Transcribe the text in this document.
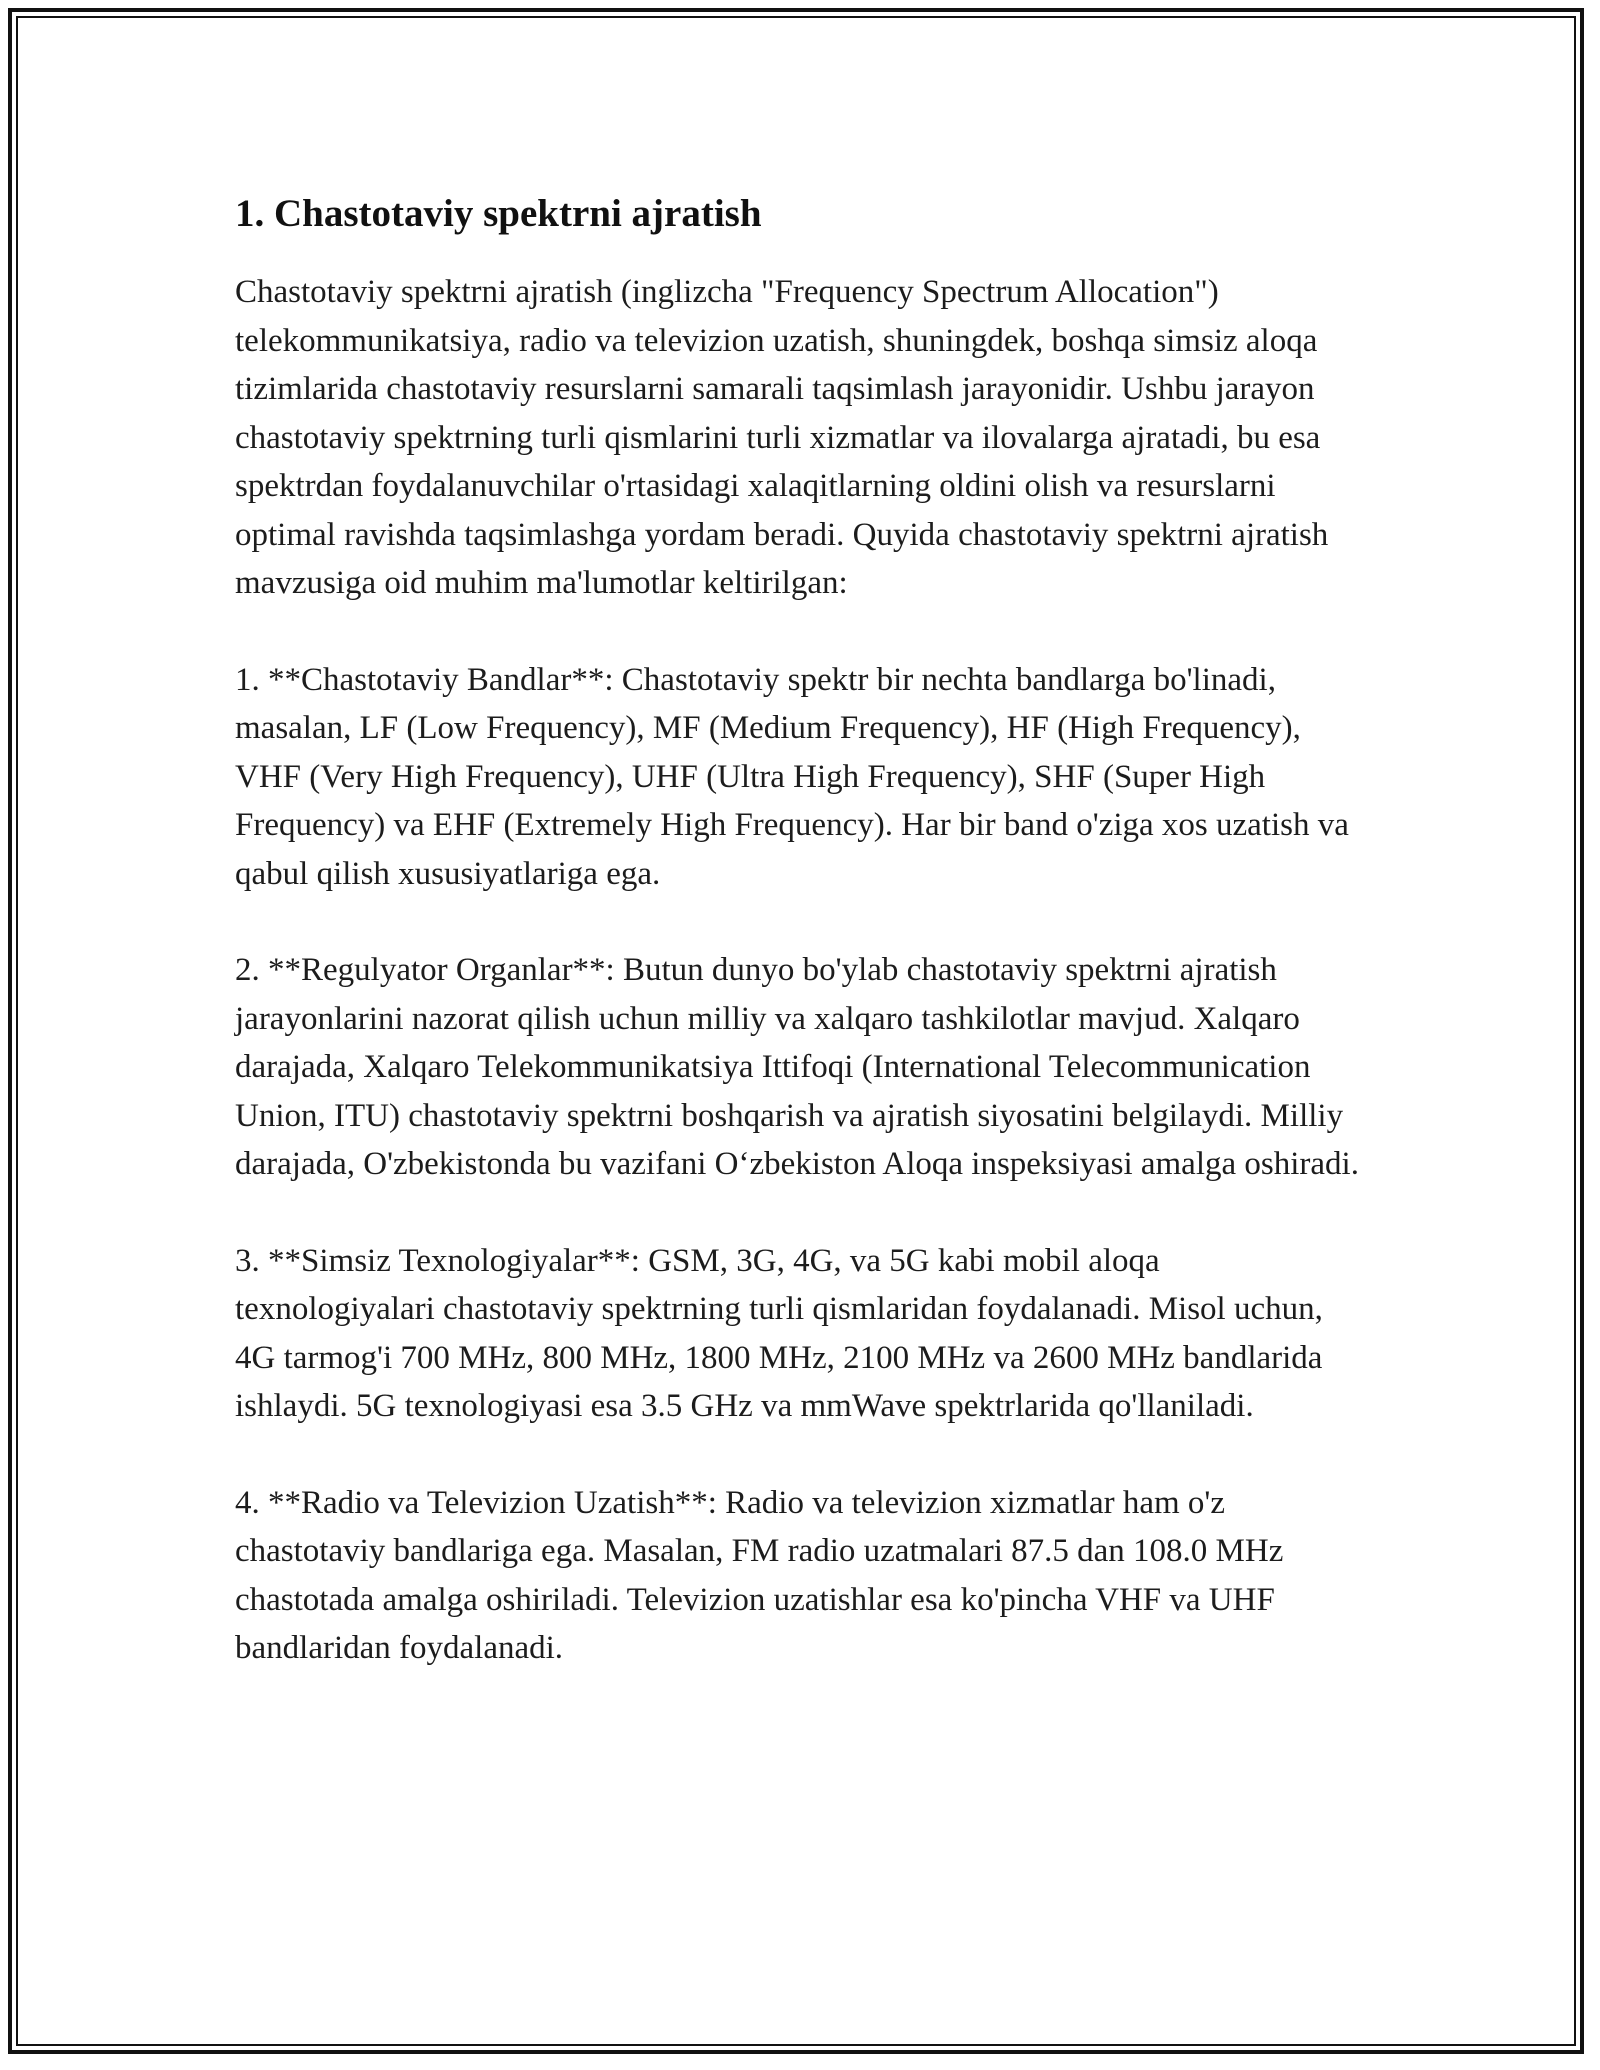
1. Chastotaviy spektrni ajratish

Chastotaviy spektrni ajratish (inglizcha "Frequency Spectrum Allocation") telekommunikatsiya, radio va televizion uzatish, shuningdek, boshqa simsiz aloqa tizimlarida chastotaviy resurslarni samarali taqsimlash jarayonidir. Ushbu jarayon chastotaviy spektrning turli qismlarini turli xizmatlar va ilovalarga ajratadi, bu esa spektrdan foydalanuvchilar o'rtasidagi xalaqitlarning oldini olish va resurslarni optimal ravishda taqsimlashga yordam beradi. Quyida chastotaviy spektrni ajratish mavzusiga oid muhim ma'lumotlar keltirilgan:

1. **Chastotaviy Bandlar**: Chastotaviy spektr bir nechta bandlarga bo'linadi, masalan, LF (Low Frequency), MF (Medium Frequency), HF (High Frequency), VHF (Very High Frequency), UHF (Ultra High Frequency), SHF (Super High Frequency) va EHF (Extremely High Frequency). Har bir band o'ziga xos uzatish va qabul qilish xususiyatlariga ega.

2. **Regulyator Organlar**: Butun dunyo bo'ylab chastotaviy spektrni ajratish jarayonlarini nazorat qilish uchun milliy va xalqaro tashkilotlar mavjud. Xalqaro darajada, Xalqaro Telekommunikatsiya Ittifoqi (International Telecommunication Union, ITU) chastotaviy spektrni boshqarish va ajratish siyosatini belgilaydi. Milliy darajada, O'zbekistonda bu vazifani O‘zbekiston Aloqa inspeksiyasi amalga oshiradi.

3. **Simsiz Texnologiyalar**: GSM, 3G, 4G, va 5G kabi mobil aloqa texnologiyalari chastotaviy spektrning turli qismlaridan foydalanadi. Misol uchun, 4G tarmog'i 700 MHz, 800 MHz, 1800 MHz, 2100 MHz va 2600 MHz bandlarida ishlaydi. 5G texnologiyasi esa 3.5 GHz va mmWave spektrlarida qo'llaniladi.

4. **Radio va Televizion Uzatish**: Radio va televizion xizmatlar ham o'z chastotaviy bandlariga ega. Masalan, FM radio uzatmalari 87.5 dan 108.0 MHz chastotada amalga oshiriladi. Televizion uzatishlar esa ko'pincha VHF va UHF bandlaridan foydalanadi.
